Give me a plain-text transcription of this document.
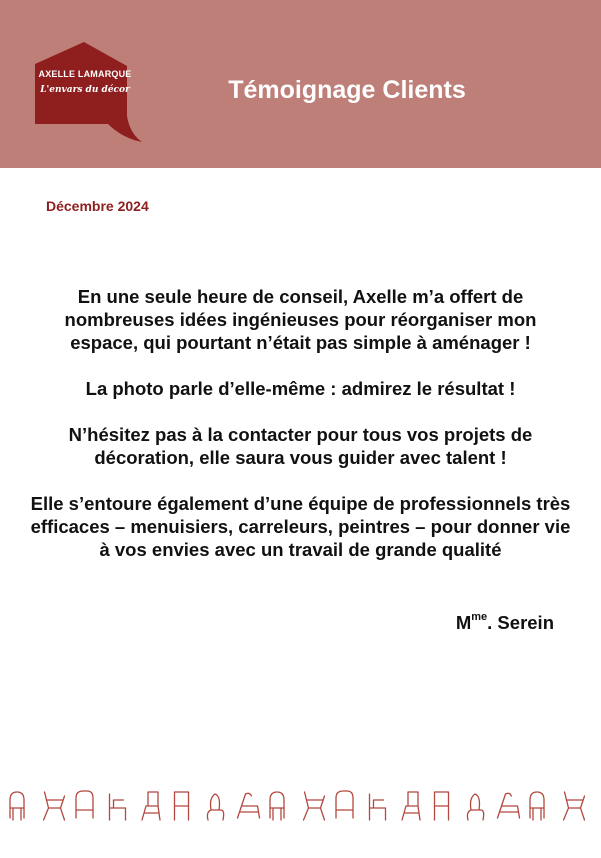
AXELLE LAMARQUE
L'envars du décor	Témoignage Clients
Décembre 2024

En une seule heure de conseil, Axelle m’a offert de nombreuses idées ingénieuses pour réorganiser mon espace, qui pourtant n’était pas simple à aménager !

La photo parle d’elle-même : admirez le résultat !

N’hésitez pas à la contacter pour tous vos projets de décoration, elle saura vous guider avec talent !

Elle s’entoure également d’une équipe de professionnels très efficaces – menuisiers, carreleurs, peintres – pour donner vie à vos envies avec un travail de grande qualité

$M^{me}$. Serein
